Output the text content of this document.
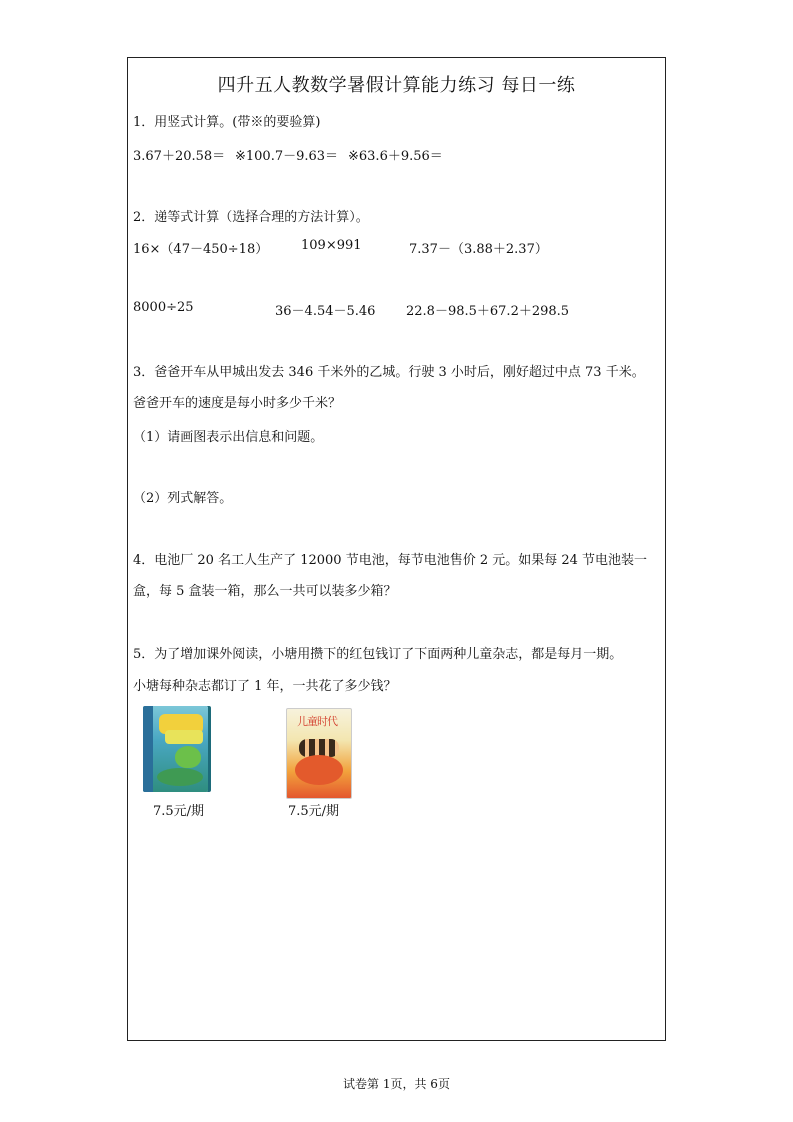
四升五人教数学暑假计算能力练习 每日一练
1．用竖式计算。(带※的要验算)
3.67＋20.58＝ ※100.7－9.63＝ ※63.6＋9.56＝
2．递等式计算（选择合理的方法计算）。
16×（47－450÷18）	109×991	7.37－（3.88＋2.37）
8000÷25	36－4.54－5.46 22.8－98.5＋67.2＋298.5
3．爸爸开车从甲城出发去 346 千米外的乙城。行驶 3 小时后，刚好超过中点 73 千米。
爸爸开车的速度是每小时多少千米？
（1）请画图表示出信息和问题。
（2）列式解答。
4．电池厂 20 名工人生产了 12000 节电池，每节电池售价 2 元。如果每 24 节电池装一
盒，每 5 盒装一箱，那么一共可以装多少箱？
5．为了增加课外阅读，小塘用攒下的红包钱订了下面两种儿童杂志，都是每月一期。
小塘每种杂志都订了 1 年，一共花了多少钱？
7.5元/期
儿童时代
7.5元/期
试卷第 1页，共 6页
